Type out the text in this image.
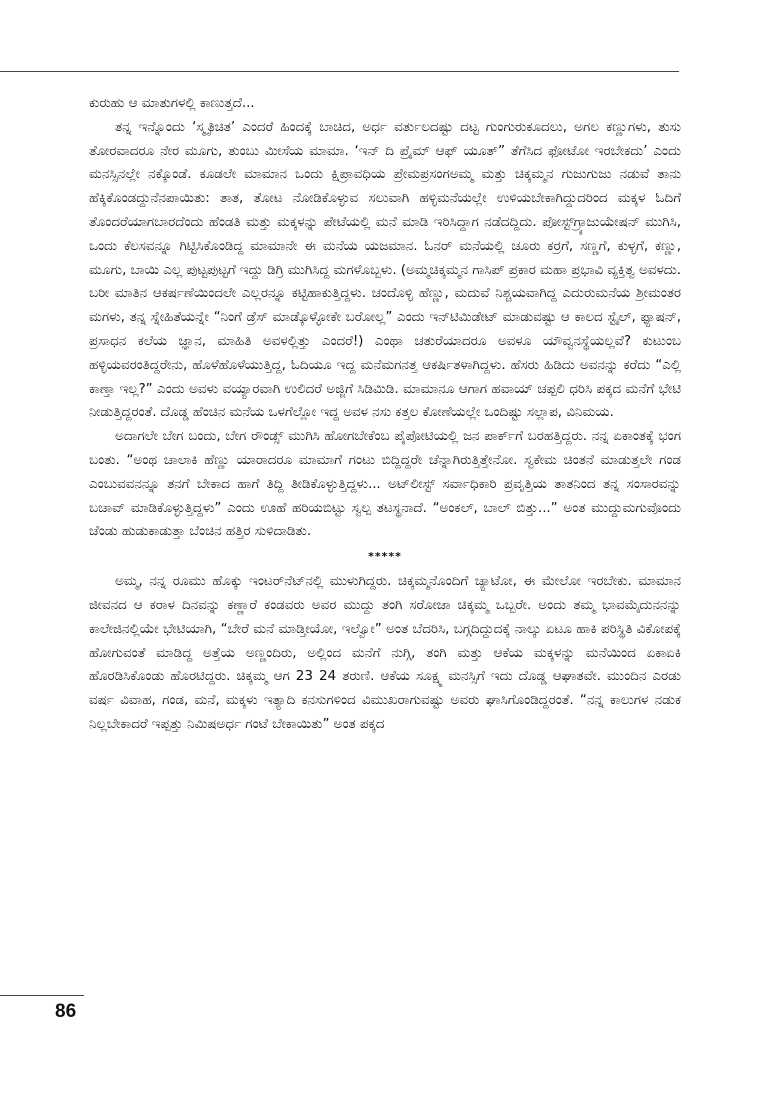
ಕುರುಹು ಆ ಮಾತುಗಳಲ್ಲಿ ಕಾಣುತ್ತದೆ...

ತನ್ನ ಇನ್ನೊಂದು ‘ಸ್ಮೃತಿಚಿತ’ ಎಂದರೆ ಹಿಂದಕ್ಕೆ ಬಾಚಿದ, ಅರ್ಧ ವರ್ತುಲದಷ್ಟು ದಟ್ಟ ಗುಂಗುರುಕೂದಲು, ಅಗಲ ಕಣ್ಣುಗಳು, ತುಸು ತೋರವಾದರೂ ನೇರ ಮೂಗು, ತುಂಬು ಮೀಸೆಯ ಮಾಮಾ. ‘ಇನ್ ದಿ ಪ್ರೈಮ್ ಆಫ್ ಯೂತ್” ತೆಗೆಸಿದ ಫೋಟೋ ಇರಬೇಕದು’ ಎಂದು ಮನಸ್ಸಿನಲ್ಲೇ ನಕ್ಕೊಂಡೆ. ಕೂಡಲೇ ಮಾಮಾನ ಒಂದು ಕ್ಷಿಪ್ರಾವಧಿಯ ಪ್ರೇಮಪ್ರಸಂಗ‌ಅಮ್ಮ ಮತ್ತು ಚಿಕ್ಕಮ್ಮನ ಗುಜುಗುಜು ನಡುವೆ ತಾನು ಹೆಕ್ಕಿಕೊಂಡದ್ದು‌ನೆನಪಾಯಿತು: ತಾತ, ತೋಟ ನೋಡಿಕೊಳ್ಳುವ ಸಲುವಾಗಿ ಹಳ್ಳಿಮನೆಯಲ್ಲೇ ಉಳಿಯಬೇಕಾಗಿದ್ದುದರಿಂದ ಮಕ್ಕಳ ಓದಿಗೆ ತೊಂದರೆಯಾಗಬಾರದೆಂದು ಹೆಂಡತಿ ಮತ್ತು ಮಕ್ಕಳನ್ನು ಪೇಟೆಯಲ್ಲಿ ಮನೆ ಮಾಡಿ ಇರಿಸಿದ್ದಾಗ ನಡೆದದ್ದಿದು. ಪೋಸ್ಟ್‌ಗ್ರ್ಯಾಜುಯೇಷನ್ ಮುಗಿಸಿ, ಒಂದು ಕೆಲಸವನ್ನೂ ಗಿಟ್ಟಿಸಿಕೊಂಡಿದ್ದ ಮಾಮಾನೇ ಈ ಮನೆಯ ಯಜಮಾನ. ಓನರ್ ಮನೆಯಲ್ಲಿ ಚೂರು ಕರ್ರಗೆ, ಸಣ್ಣಗೆ, ಕುಳ್ಳಗೆ, ಕಣ್ಣು, ಮೂಗು, ಬಾಯಿ ಎಲ್ಲ ಪುಟ್ಟಪುಟ್ಟಗೆ ಇದ್ದು ಡಿಗ್ರಿ ಮುಗಿಸಿದ್ದ ಮಗಳೊಬ್ಬಳು. (ಅಮ್ಮ‌ಚಿಕ್ಕಮ್ಮನ ಗಾಸಿಪ್ ಪ್ರಕಾರ ಮಹಾ ಪ್ರಭಾವಿ ವ್ಯಕ್ತಿತ್ವ ಅವಳದು. ಬರೀ ಮಾತಿನ ಆಕರ್ಷಣೆಯಿಂದಲೇ ಎಲ್ಲರನ್ನೂ ಕಟ್ಟಿಹಾಕುತ್ತಿದ್ದಳು. ಚಂದೊಳ್ಳಿ ಹೆಣ್ಣು, ಮದುವೆ ನಿಶ್ಚಯವಾಗಿದ್ದ ಎದುರುಮನೆಯ ಶ್ರೀಮಂತರ ಮಗಳು, ತನ್ನ ಸ್ನೇಹಿತೆಯನ್ನೇ “ನಿಂಗೆ ಡ್ರೆಸ್ ಮಾಡ್ಕೊಳ್ಳೋಕೇ ಬರೋಲ್ಲ” ಎಂದು ಇನ್‌ಟಿಮಿಡೇಟ್ ಮಾಡುವಷ್ಟು ಆ ಕಾಲದ ಸ್ಟೈಲ್, ಫ್ಯಾಷನ್, ಪ್ರಸಾಧನ ಕಲೆಯ ಜ್ಞಾನ, ಮಾಹಿತಿ ಅವಳಲ್ಲಿತ್ತು ಎಂದರೆ!) ಎಂಥಾ ಚತುರೆಯಾದರೂ ಅವಳೂ ಯೌವ್ವನಸ್ಥೆಯಲ್ಲವೆ? ಕುಟುಂಬ ಹಳ್ಳಿಯವರಂತಿದ್ದರೇನು, ಹೊಳೆಹೊಳೆಯುತ್ತಿದ್ದ, ಓದಿಯೂ ಇದ್ದ ಮನೆಮಗನತ್ತ ಆಕರ್ಷಿತಳಾಗಿದ್ದಳು. ಹೆಸರು ಹಿಡಿದು ಅವನನ್ನು ಕರೆದು “ಎಲ್ಲಿ ಕಾಣ್ತಾ ಇಲ್ಲ?” ಎಂದು ಅವಳು ವಯ್ಯಾರವಾಗಿ ಉಲಿದರೆ ಅಜ್ಜಿಗೆ ಸಿಡಿಮಿಡಿ. ಮಾಮಾನೂ ಆಗಾಗ ಹವಾಯ್ ಚಪ್ಪಲಿ ಧರಿಸಿ ಪಕ್ಕದ ಮನೆಗೆ ಭೇಟಿ ನೀಡುತ್ತಿದ್ದರಂತೆ. ದೊಡ್ಡ ಹೆಂಚಿನ ಮನೆಯ ಒಳಗೆಲ್ಲೋ ಇದ್ದ ಅವಳ ನಸು ಕತ್ತಲ ಕೋಣೆಯಲ್ಲೇ ಒಂದಿಷ್ಟು ಸಲ್ಲಾಪ, ವಿನಿಮಯ.

ಅದಾಗಲೇ ಬೇಗ ಬಂದು, ಬೇಗ ರೌಂಡ್ಸ್ ಮುಗಿಸಿ ಹೋಗಬೇಕೆಂಬ ಪೈಪೋಟಿಯಲ್ಲಿ ಜನ ಪಾರ್ಕ್‌ಗೆ ಬರಹತ್ತಿದ್ದರು. ನನ್ನ ಏಕಾಂತಕ್ಕೆ ಭಂಗ ಬಂತು. “ಅಂಥ ಚಾಲಾಕಿ ಹೆಣ್ಣು ಯಾರಾದರೂ ಮಾಮಾಗೆ ಗಂಟು ಬಿದ್ದಿದ್ದರೇ ಚೆನ್ನಾಗಿರುತ್ತಿತ್ತೇನೋ. ಸ್ವಕೇಮ ಚಿಂತನೆ ಮಾಡುತ್ತಲೇ ಗಂಡ ಎಂಬುವವನನ್ನೂ ತನಗೆ ಬೇಕಾದ ಹಾಗೆ ತಿದ್ದಿ ತೀಡಿಕೊಳ್ಳುತ್ತಿದ್ದಳು... ಅಟ್‌ಲೀಸ್ಟ್ ಸರ್ವಾಧಿಕಾರಿ ಪ್ರವೃತ್ತಿಯ ತಾತನಿಂದ ತನ್ನ ಸಂಸಾರವನ್ನು ಬಚಾವ್ ಮಾಡಿಕೊಳ್ಳುತ್ತಿದ್ದಳು” ಎಂದು ಊಹೆ ಹರಿಯಬಿಟ್ಟು ಸ್ವಲ್ಪ ತಟಸ್ಥನಾದೆ. “ಅಂಕಲ್, ಬಾಲ್ ಬಿತ್ತು...” ಅಂತ ಮುದ್ದುಮಗುವೊಂದು ಚೆಂಡು ಹುಡುಕಾಡುತ್ತಾ ಬೆಂಚಿನ ಹತ್ತಿರ ಸುಳಿದಾಡಿತು.

*****

ಅಮ್ಮ, ನನ್ನ ರೂಮು ಹೊಕ್ಕು ಇಂಟರ್‌ನೆಟ್‌ನಲ್ಲಿ ಮುಳುಗಿದ್ದರು. ಚಿಕ್ಕಮ್ಮನೊಂದಿಗೆ ಚ್ಯಾಟೋ, ಈ ಮೇಲೋ ಇರಬೇಕು. ಮಾಮಾನ ಜೀವನದ ಆ ಕರಾಳ ದಿನವನ್ನು ಕಣ್ಣಾರೆ ಕಂಡವರು ಅವರ ಮುದ್ದು ತಂಗಿ ಸರೋಜಾ ಚಿಕ್ಕಮ್ಮ ಒಬ್ಬರೇ. ಅಂದು ತಮ್ಮ ಭಾವಮೈದುನನನ್ನು ಕಾಲೇಜಿನಲ್ಲಿಯೇ ಭೇಟಿಯಾಗಿ, “ಬೇರೆ ಮನೆ ಮಾಡ್ತೀಯೋ, ಇಲ್ವೋ” ಅಂತ ಬೆದರಿಸಿ, ಬಗ್ಗದಿದ್ದುದಕ್ಕೆ ನಾಲ್ಕು ಏಟೂ ಹಾಕಿ ಪರಿಸ್ಥಿತಿ ವಿಕೋಪಕ್ಕೆ ಹೋಗುವಂತೆ ಮಾಡಿದ್ದ ಅತ್ತೆಯ ಅಣ್ಣಂದಿರು, ಅಲ್ಲಿಂದ ಮನೆಗೆ ನುಗ್ಗಿ, ತಂಗಿ ಮತ್ತು ಆಕೆಯ ಮಕ್ಕಳನ್ನು ಮನೆಯಿಂದ ಏಕಾಏಕಿ ಹೊರಡಿಸಿಕೊಂಡು ಹೊರಟಿದ್ದರು. ಚಿಕ್ಕಮ್ಮ ಆಗ 23 24 ತರುಣಿ. ಆಕೆಯ ಸೂಕ್ಷ್ಮ ಮನಸ್ಸಿಗೆ ಇದು ದೊಡ್ಡ ಆಘಾತವೇ. ಮುಂದಿನ ಎರಡು ವರ್ಷ ವಿವಾಹ, ಗಂಡ, ಮನೆ, ಮಕ್ಕಳು ಇತ್ಯಾದಿ ಕನಸುಗಳಿಂದ ವಿಮುಖರಾಗುವಷ್ಟು ಅವರು ಘಾಸಿಗೊಂಡಿದ್ದರಂತೆ. “ನನ್ನ ಕಾಲುಗಳ ನಡುಕ ನಿಲ್ಲಬೇಕಾದರೆ ಇಪ್ಪತ್ತು ನಿಮಿಷ‌ಅರ್ಧ ಗಂಟೆ ಬೇಕಾಯಿತು” ಅಂತ ಪಕ್ಕದ

86
